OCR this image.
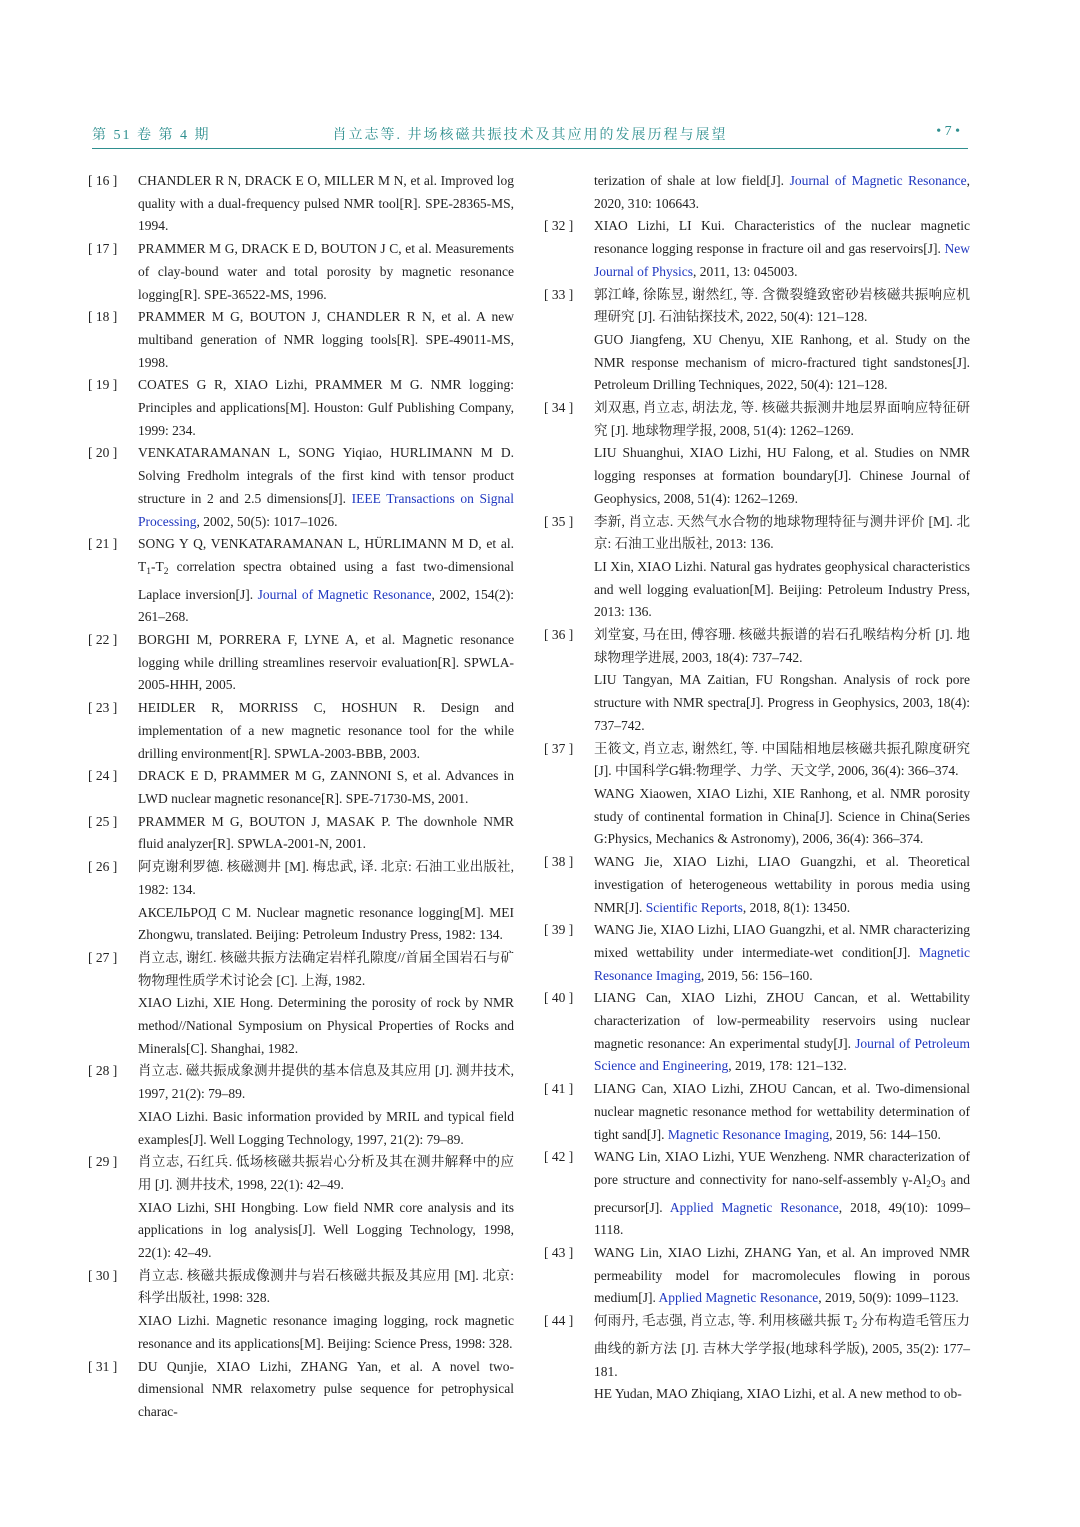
第 51 卷 第 4 期	肖立志等. 井场核磁共振技术及其应用的发展历程与展望	• 7 •
[ 16 ] CHANDLER R N, DRACK E O, MILLER M N, et al. Improved log quality with a dual-frequency pulsed NMR tool[R]. SPE-28365-MS, 1994.

[ 17 ] PRAMMER M G, DRACK E D, BOUTON J C, et al. Measurements of clay-bound water and total porosity by magnetic resonance logging[R]. SPE-36522-MS, 1996.

[ 18 ] PRAMMER M G, BOUTON J, CHANDLER R N, et al. A new multiband generation of NMR logging tools[R]. SPE-49011-MS, 1998.

[ 19 ] COATES G R, XIAO Lizhi, PRAMMER M G. NMR logging: Principles and applications[M]. Houston: Gulf Publishing Company, 1999: 234.

[ 20 ] VENKATARAMANAN L, SONG Yiqiao, HURLIMANN M D. Solving Fredholm integrals of the first kind with tensor product structure in 2 and 2.5 dimensions[J]. IEEE Transactions on Signal Processing, 2002, 50(5): 1017–1026.

[ 21 ] SONG Y Q, VENKATARAMANAN L, HÜRLIMANN M D, et al. $T_1-T_2$ correlation spectra obtained using a fast two-dimensional Laplace inversion[J]. Journal of Magnetic Resonance, 2002, 154(2): 261–268.

[ 22 ] BORGHI M, PORRERA F, LYNE A, et al. Magnetic resonance logging while drilling streamlines reservoir evaluation[R]. SPWLA-2005-HHH, 2005.

[ 23 ] HEIDLER R, MORRISS C, HOSHUN R. Design and implementation of a new magnetic resonance tool for the while drilling environment[R]. SPWLA-2003-BBB, 2003.

[ 24 ] DRACK E D, PRAMMER M G, ZANNONI S, et al. Advances in LWD nuclear magnetic resonance[R]. SPE-71730-MS, 2001.

[ 25 ] PRAMMER M G, BOUTON J, MASAK P. The downhole NMR fluid analyzer[R]. SPWLA-2001-N, 2001.

[ 26 ] 阿克谢利罗德. 核磁测井 [M]. 梅忠武, 译. 北京: 石油工业出版社, 1982: 134.

АКСЕЛЬРОД С М. Nuclear magnetic resonance logging[M]. MEI Zhongwu, translated. Beijing: Petroleum Industry Press, 1982: 134.

[ 27 ] 肖立志, 谢红. 核磁共振方法确定岩样孔隙度//首届全国岩石与矿物物理性质学术讨论会 [C]. 上海, 1982.

XIAO Lizhi, XIE Hong. Determining the porosity of rock by NMR method//National Symposium on Physical Properties of Rocks and Minerals[C]. Shanghai, 1982.

[ 28 ] 肖立志. 磁共振成象测井提供的基本信息及其应用 [J]. 测井技术, 1997, 21(2): 79–89.

XIAO Lizhi. Basic information provided by MRIL and typical field examples[J]. Well Logging Technology, 1997, 21(2): 79–89.

[ 29 ] 肖立志, 石红兵. 低场核磁共振岩心分析及其在测井解释中的应用 [J]. 测井技术, 1998, 22(1): 42–49.

XIAO Lizhi, SHI Hongbing. Low field NMR core analysis and its applications in log analysis[J]. Well Logging Technology, 1998, 22(1): 42–49.

[ 30 ] 肖立志. 核磁共振成像测井与岩石核磁共振及其应用 [M]. 北京: 科学出版社, 1998: 328.

XIAO Lizhi. Magnetic resonance imaging logging, rock magnetic resonance and its applications[M]. Beijing: Science Press, 1998: 328.

[ 31 ] DU Qunjie, XIAO Lizhi, ZHANG Yan, et al. A novel two-dimensional NMR relaxometry pulse sequence for petrophysical charac-

terization of shale at low field[J]. Journal of Magnetic Resonance, 2020, 310: 106643.

[ 32 ] XIAO Lizhi, LI Kui. Characteristics of the nuclear magnetic resonance logging response in fracture oil and gas reservoirs[J]. New Journal of Physics, 2011, 13: 045003.

[ 33 ] 郭江峰, 徐陈昱, 谢然红, 等. 含微裂缝致密砂岩核磁共振响应机理研究 [J]. 石油钻探技术, 2022, 50(4): 121–128.

GUO Jiangfeng, XU Chenyu, XIE Ranhong, et al. Study on the NMR response mechanism of micro-fractured tight sandstones[J]. Petroleum Drilling Techniques, 2022, 50(4): 121–128.

[ 34 ] 刘双惠, 肖立志, 胡法龙, 等. 核磁共振测井地层界面响应特征研究 [J]. 地球物理学报, 2008, 51(4): 1262–1269.

LIU Shuanghui, XIAO Lizhi, HU Falong, et al. Studies on NMR logging responses at formation boundary[J]. Chinese Journal of Geophysics, 2008, 51(4): 1262–1269.

[ 35 ] 李新, 肖立志. 天然气水合物的地球物理特征与测井评价 [M]. 北京: 石油工业出版社, 2013: 136.

LI Xin, XIAO Lizhi. Natural gas hydrates geophysical characteristics and well logging evaluation[M]. Beijing: Petroleum Industry Press, 2013: 136.

[ 36 ] 刘堂宴, 马在田, 傅容珊. 核磁共振谱的岩石孔喉结构分析 [J]. 地球物理学进展, 2003, 18(4): 737–742.

LIU Tangyan, MA Zaitian, FU Rongshan. Analysis of rock pore structure with NMR spectra[J]. Progress in Geophysics, 2003, 18(4): 737–742.

[ 37 ] 王筱文, 肖立志, 谢然红, 等. 中国陆相地层核磁共振孔隙度研究 [J]. 中国科学G辑:物理学、力学、天文学, 2006, 36(4): 366–374.

WANG Xiaowen, XIAO Lizhi, XIE Ranhong, et al. NMR porosity study of continental formation in China[J]. Science in China(Series G:Physics, Mechanics & Astronomy), 2006, 36(4): 366–374.

[ 38 ] WANG Jie, XIAO Lizhi, LIAO Guangzhi, et al. Theoretical investigation of heterogeneous wettability in porous media using NMR[J]. Scientific Reports, 2018, 8(1): 13450.

[ 39 ] WANG Jie, XIAO Lizhi, LIAO Guangzhi, et al. NMR characterizing mixed wettability under intermediate-wet condition[J]. Magnetic Resonance Imaging, 2019, 56: 156–160.

[ 40 ] LIANG Can, XIAO Lizhi, ZHOU Cancan, et al. Wettability characterization of low-permeability reservoirs using nuclear magnetic resonance: An experimental study[J]. Journal of Petroleum Science and Engineering, 2019, 178: 121–132.

[ 41 ] LIANG Can, XIAO Lizhi, ZHOU Cancan, et al. Two-dimensional nuclear magnetic resonance method for wettability determination of tight sand[J]. Magnetic Resonance Imaging, 2019, 56: 144–150.

[ 42 ] WANG Lin, XIAO Lizhi, YUE Wenzheng. NMR characterization of pore structure and connectivity for nano-self-assembly $\gamma-Al_2O_3$ and precursor[J]. Applied Magnetic Resonance, 2018, 49(10): 1099–1118.

[ 43 ] WANG Lin, XIAO Lizhi, ZHANG Yan, et al. An improved NMR permeability model for macromolecules flowing in porous medium[J]. Applied Magnetic Resonance, 2019, 50(9): 1099–1123.

[ 44 ] 何雨丹, 毛志强, 肖立志, 等. 利用核磁共振 $T_2$ 分布构造毛管压力曲线的新方法 [J]. 吉林大学学报(地球科学版), 2005, 35(2): 177–181.

HE Yudan, MAO Zhiqiang, XIAO Lizhi, et al. A new method to ob-
